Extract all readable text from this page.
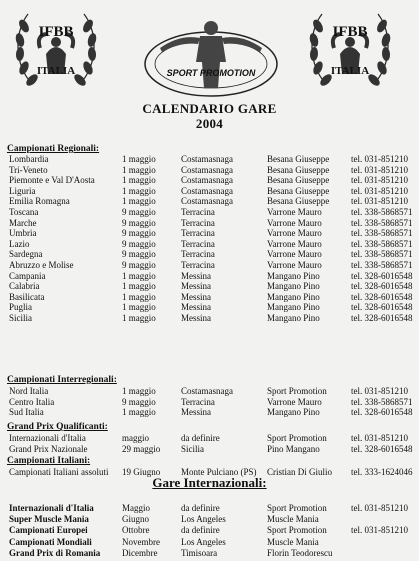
IFBB
ITALIA	SPORT PROMOTION
IFBB
ITALIA
CALENDARIO GARE
2004
Campionati Regionali:
Lombardia	1 maggio	Costamasnaga	Besana Giuseppe tel. 031-851210
Tri-Veneto	1 maggio	Costamasnaga	Besana Giuseppe tel. 031-851210
Piemonte e Val D'Aosta	1 maggio	Costamasnaga	Besana Giuseppe tel. 031-851210
Liguria	1 maggio	Costamasnaga	Besana Giuseppe tel. 031-851210
Emilia Romagna	1 maggio	Costamasnaga	Besana Giuseppe tel. 031-851210
Toscana	9 maggio	Terracina	Varrone Mauro	tel. 338-5868571
Marche	9 maggio	Terracina	Varrone Mauro	tel. 338-5868571
Umbria	9 maggio	Terracina	Varrone Mauro	tel. 338-5868571
Lazio	9 maggio	Terracina	Varrone Mauro	tel. 338-5868571
Sardegna	9 maggio	Terracina	Varrone Mauro	tel. 338-5868571
Abruzzo e Molise	9 maggio	Terracina	Varrone Mauro	tel. 338-5868571
Campania	1 maggio	Messina	Mangano Pino	tel. 328-6016548
Calabria	1 maggio	Messina	Mangano Pino	tel. 328-6016548
Basilicata	1 maggio	Messina	Mangano Pino	tel. 328-6016548
Puglia	1 maggio	Messina	Mangano Pino	tel. 328-6016548
Sicilia	1 maggio	Messina	Mangano Pino	tel. 328-6016548
Campionati Interregionali:
Nord Italia	1 maggio	Costamasnaga	Sport Promotion	tel. 031-851210
Centro Italia	9 maggio	Terracina	Varrone Mauro	tel. 338-5868571
Sud Italia	1 maggio	Messina	Mangano Pino	tel. 328-6016548
Grand Prix Qualificanti:
Internazionali d'Italia	maggio	da definire	Sport Promotion	tel. 031-851210
Grand Prix Nazionale	29 maggio Sicilia	Pino Mangano	tel. 328-6016548
Campionati Italiani:
Campionati Italiani assoluti 19 Giugno Monte Pulciano (PS) Cristian Di Giulio tel. 333-1624046
Gare Internazionali:
Internazionali d'Italia	Maggio	da definire	Sport Promotion	tel. 031-851210
Super Muscle Mania	Giugno	Los Angeles	Muscle Mania
Campionati Europei	Ottobre	da definire	Sport Promotion	tel. 031-851210
Campionati Mondiali	Novembre Los Angeles	Muscle Mania
Grand Prix di Romania Dicembre	Timisoara	Florin Teodorescu
